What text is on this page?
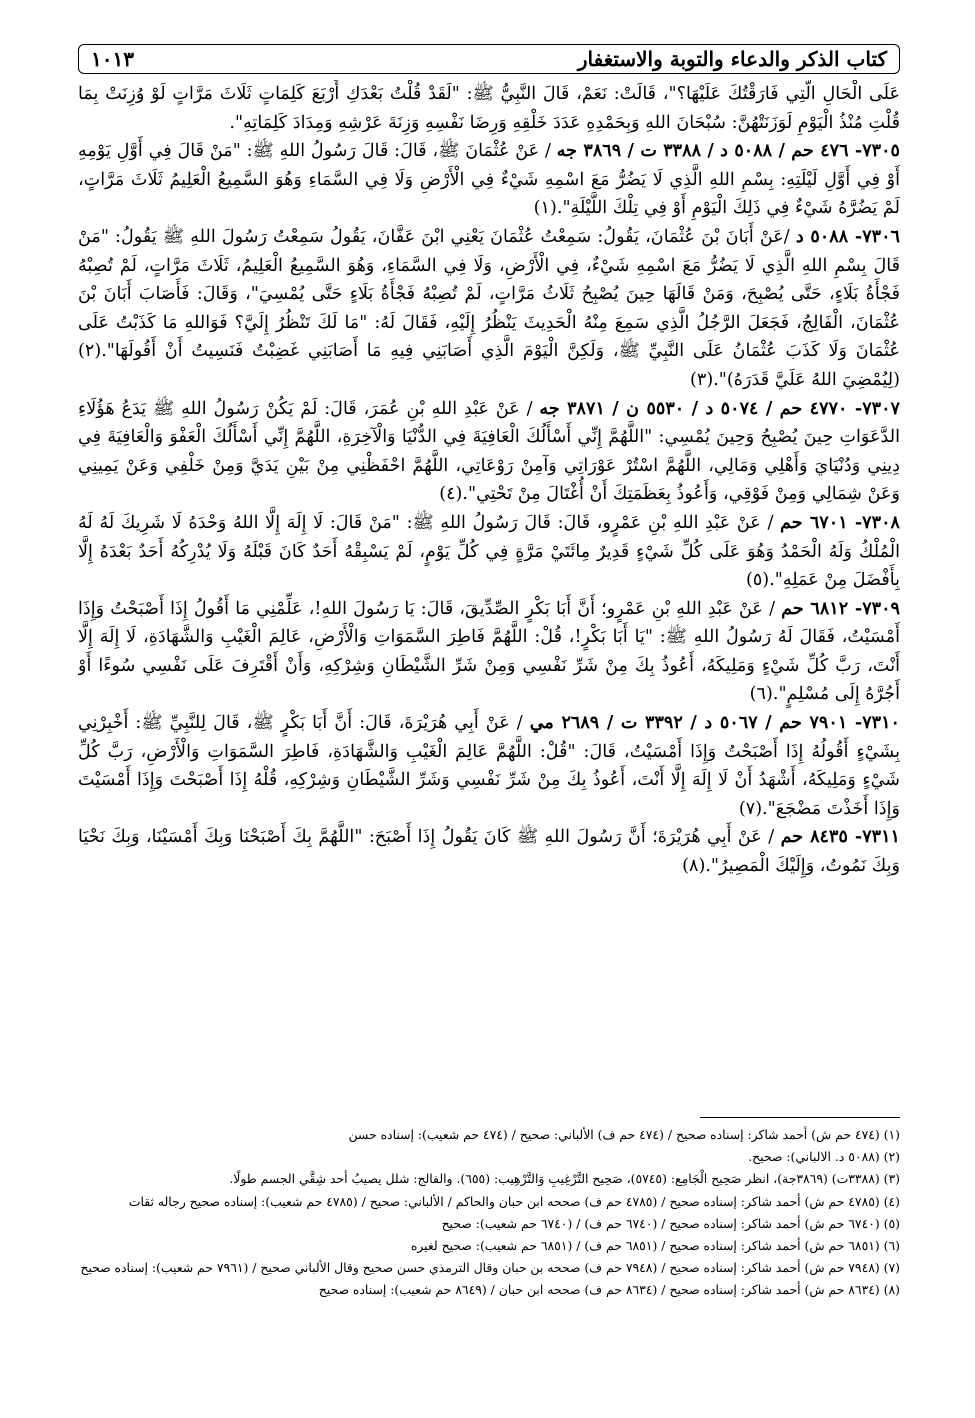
كتاب الذكر والدعاء والتوبة والاستغفار
١٠١٣

عَلَى الْحَالِ الَّتِي فَارَقْتُكَ عَلَيْهَا؟"، قَالَتْ: نَعَمْ، قَالَ النَّبِيُّ ﷺ: "لَقَدْ قُلْتُ بَعْدَكِ أَرْبَعَ كَلِمَاتٍ ثَلَاثَ مَرَّاتٍ لَوْ وُزِنَتْ بِمَا قُلْتِ مُنْذُ الْيَوْمِ لَوَزَنَتْهُنَّ: سُبْحَانَ اللهِ وَبِحَمْدِهِ عَدَدَ خَلْقِهِ وَرِضَا نَفْسِهِ وَزِنَةَ عَرْشِهِ وَمِدَادَ كَلِمَاتِهِ".

٧٣٠٥- ٤٧٦ حم / ٥٠٨٨ د / ٣٣٨٨ ت / ٣٨٦٩ جه / عَنْ عُثْمَانَ ﷺ، قَالَ: قَالَ رَسُولُ اللهِ ﷺ: "مَنْ قَالَ فِي أَوَّلِ يَوْمِهِ أَوْ فِي أَوَّلِ لَيْلَتِهِ: بِسْمِ اللهِ الَّذِي لَا يَضُرُّ مَعَ اسْمِهِ شَيْءٌ فِي الْأَرْضِ وَلَا فِي السَّمَاءِ وَهُوَ السَّمِيعُ الْعَلِيمُ ثَلَاثَ مَرَّاتٍ، لَمْ يَضُرَّهُ شَيْءٌ فِي ذَلِكَ الْيَوْمِ أَوْ فِي تِلْكَ اللَّيْلَةِ".(١)

٧٣٠٦- ٥٠٨٨ د /عَنْ أَبَانَ بْنَ عُثْمَانَ، يَقُولُ: سَمِعْتُ عُثْمَانَ يَعْنِي ابْنَ عَفَّانَ، يَقُولُ سَمِعْتُ رَسُولَ اللهِ ﷺ يَقُولُ: "مَنْ قَالَ بِسْمِ اللهِ الَّذِي لَا يَضُرُّ مَعَ اسْمِهِ شَيْءٌ، فِي الْأَرْضِ، وَلَا فِي السَّمَاءِ، وَهُوَ السَّمِيعُ الْعَلِيمُ، ثَلَاثَ مَرَّاتٍ، لَمْ تُصِبْهُ فَجْأَةُ بَلَاءٍ، حَتَّى يُصْبِحَ، وَمَنْ قَالَهَا حِينَ يُصْبِحُ ثَلَاثُ مَرَّاتٍ، لَمْ تُصِبْهُ فَجْأَةُ بَلَاءٍ حَتَّى يُمْسِيَ"، وَقَالَ: فَأَصَابَ أَبَانَ بْنَ عُثْمَانَ، الْفَالِجُ، فَجَعَلَ الرَّجُلُ الَّذِي سَمِعَ مِنْهُ الْحَدِيثَ يَنْظُرُ إِلَيْهِ، فَقَالَ لَهُ: "مَا لَكَ تَنْظُرُ إِلَيَّ؟ فَوَاللهِ مَا كَذَبْتُ عَلَى عُثْمَانَ وَلَا كَذَبَ عُثْمَانُ عَلَى النَّبِيِّ ﷺ، وَلَكِنَّ الْيَوْمَ الَّذِي أَصَابَنِي فِيهِ مَا أَصَابَنِي غَضِبْتُ فَنَسِيتُ أَنْ أَقُولَهَا".(٢) (لِيُمْضِيَ اللهُ عَلَيَّ قَدَرَهُ)".(٣)

٧٣٠٧- ٤٧٧٠ حم / ٥٠٧٤ د / ٥٥٣٠ ن / ٣٨٧١ جه / عَنْ عَبْدِ اللهِ بْنِ عُمَرَ، قَالَ: لَمْ يَكُنْ رَسُولُ اللهِ ﷺ يَدَعُ هَؤُلَاءِ الدَّعَوَاتِ حِينَ يُصْبِحُ وَحِينَ يُمْسِي: "اللَّهُمَّ إِنِّي أَسْأَلُكَ الْعَافِيَةَ فِي الدُّنْيَا وَالْآخِرَةِ، اللَّهُمَّ إِنِّي أَسْأَلُكَ الْعَفْوَ وَالْعَافِيَةَ فِي دِينِي وَدُنْيَايَ وَأَهْلِي وَمَالِي، اللَّهُمَّ اسْتُرْ عَوْرَاتِي وَآمِنْ رَوْعَاتِي، اللَّهُمَّ احْفَظْنِي مِنْ بَيْنِ يَدَيَّ وَمِنْ خَلْفِي وَعَنْ يَمِينِي وَعَنْ شِمَالِي وَمِنْ فَوْقِي، وَأَعُوذُ بِعَظَمَتِكَ أَنْ أُغْتَالَ مِنْ تَحْتِي".(٤)

٧٣٠٨- ٦٧٠١ حم / عَنْ عَبْدِ اللهِ بْنِ عَمْرٍو، قَالَ: قَالَ رَسُولُ اللهِ ﷺ: "مَنْ قَالَ: لَا إِلَهَ إِلَّا اللهُ وَحْدَهُ لَا شَرِيكَ لَهُ لَهُ الْمُلْكُ وَلَهُ الْحَمْدُ وَهُوَ عَلَى كُلِّ شَيْءٍ قَدِيرٌ مِائَتَيْ مَرَّةٍ فِي كُلِّ يَوْمٍ، لَمْ يَسْبِقْهُ أَحَدٌ كَانَ قَبْلَهُ وَلَا يُدْرِكُهُ أَحَدٌ بَعْدَهُ إِلَّا بِأَفْضَلَ مِنْ عَمَلِهِ".(٥)

٧٣٠٩- ٦٨١٢ حم / عَنْ عَبْدِ اللهِ بْنِ عَمْرٍو؛ أَنَّ أَبَا بَكْرٍ الصِّدِّيقَ، قَالَ: يَا رَسُولَ اللهِ!، عَلِّمْنِي مَا أَقُولُ إِذَا أَصْبَحْتُ وَإِذَا أَمْسَيْتُ، فَقَالَ لَهُ رَسُولُ اللهِ ﷺ: "يَا أَبَا بَكْرٍ!، قُلْ: اللَّهُمَّ فَاطِرَ السَّمَوَاتِ وَالْأَرْضِ، عَالِمَ الْغَيْبِ وَالشَّهَادَةِ، لَا إِلَهَ إِلَّا أَنْتَ، رَبَّ كُلِّ شَيْءٍ وَمَلِيكَهُ، أَعُوذُ بِكَ مِنْ شَرِّ نَفْسِي وَمِنْ شَرِّ الشَّيْطَانِ وَشِرْكِهِ، وَأَنْ أَقْتَرِفَ عَلَى نَفْسِي سُوءًا أَوْ أَجُرَّهُ إِلَى مُسْلِمٍ".(٦)

٧٣١٠- ٧٩٠١ حم / ٥٠٦٧ د / ٣٣٩٢ ت / ٢٦٨٩ مي / عَنْ أَبِي هُرَيْرَةَ، قَالَ: أَنَّ أَبَا بَكْرٍ ﷺ، قَالَ لِلنَّبِيِّ ﷺ: أَخْبِرْنِي بِشَيْءٍ أَقُولُهُ إِذَا أَصْبَحْتُ وَإِذَا أَمْسَيْتُ، قَالَ: "قُلْ: اللَّهُمَّ عَالِمَ الْغَيْبِ وَالشَّهَادَةِ، فَاطِرَ السَّمَوَاتِ وَالْأَرْضِ، رَبَّ كُلِّ شَيْءٍ وَمَلِيكَهُ، أَشْهَدُ أَنْ لَا إِلَهَ إِلَّا أَنْتَ، أَعُوذُ بِكَ مِنْ شَرِّ نَفْسِي وَشَرِّ الشَّيْطَانِ وَشِرْكِهِ، قُلْهُ إِذَا أَصْبَحْتَ وَإِذَا أَمْسَيْتَ وَإِذَا أَخَذْتَ مَضْجَعَ".(٧)

٧٣١١- ٨٤٣٥ حم / عَنْ أَبِي هُرَيْرَةَ؛ أَنَّ رَسُولَ اللهِ ﷺ كَانَ يَقُولُ إِذَا أَصْبَحَ: "اللَّهُمَّ بِكَ أَصْبَحْنَا وَبِكَ أَمْسَيْنَا، وَبِكَ نَحْيَا وَبِكَ نَمُوتُ، وَإِلَيْكَ الْمَصِيرُ".(٨)

(١) (٤٧٤ حم ش) أحمد شاكر: إسناده صحيح / (٤٧٤ حم ف) الألباني: صحيح / (٤٧٤ حم شعيب): إسناده حسن

(٢) (٥٠٨٨ د. الالباني): صحيح.

(٣) (٣٣٨٨ت) (٣٨٦٩جة)، انظر صَحِيح الْجَامِع: (٥٧٤٥)، صَحِيح التَّرْغِيبِ وَالتَّرْهِيب: (٦٥٥). والفالج: شلل يصيبُ أحد شِقَّي الجسم طولًا.

(٤) (٤٧٨٥ حم ش) أحمد شاكر: إسناده صحيح / (٤٧٨٥ حم ف) صححه ابن حبان والحاكم / الألباني: صحيح / (٤٧٨٥ حم شعيب): إسناده صحيح رجاله ثقات

(٥) (٦٧٤٠ حم ش) أحمد شاكر: إسناده صحيح / (٦٧٤٠ حم ف) / (٦٧٤٠ حم شعيب): صحيح

(٦) (٦٨٥١ حم ش) أحمد شاكر: إسناده صحيح / (٦٨٥١ حم ف) / (٦٨٥١ حم شعيب): صحيح لغيره

(٧) (٧٩٤٨ حم ش) أحمد شاكر: إسناده صحيح / (٧٩٤٨ حم ف) صححه بن حبان وقال الترمذي حسن صحيح وقال الألباني صحيح / (٧٩٦١ حم شعيب): إسناده صحيح

(٨) (٨٦٣٤ حم ش) أحمد شاكر: إسناده صحيح / (٨٦٣٤ حم ف) صححه ابن حبان / (٨٦٤٩ حم شعيب): إسناده صحيح
